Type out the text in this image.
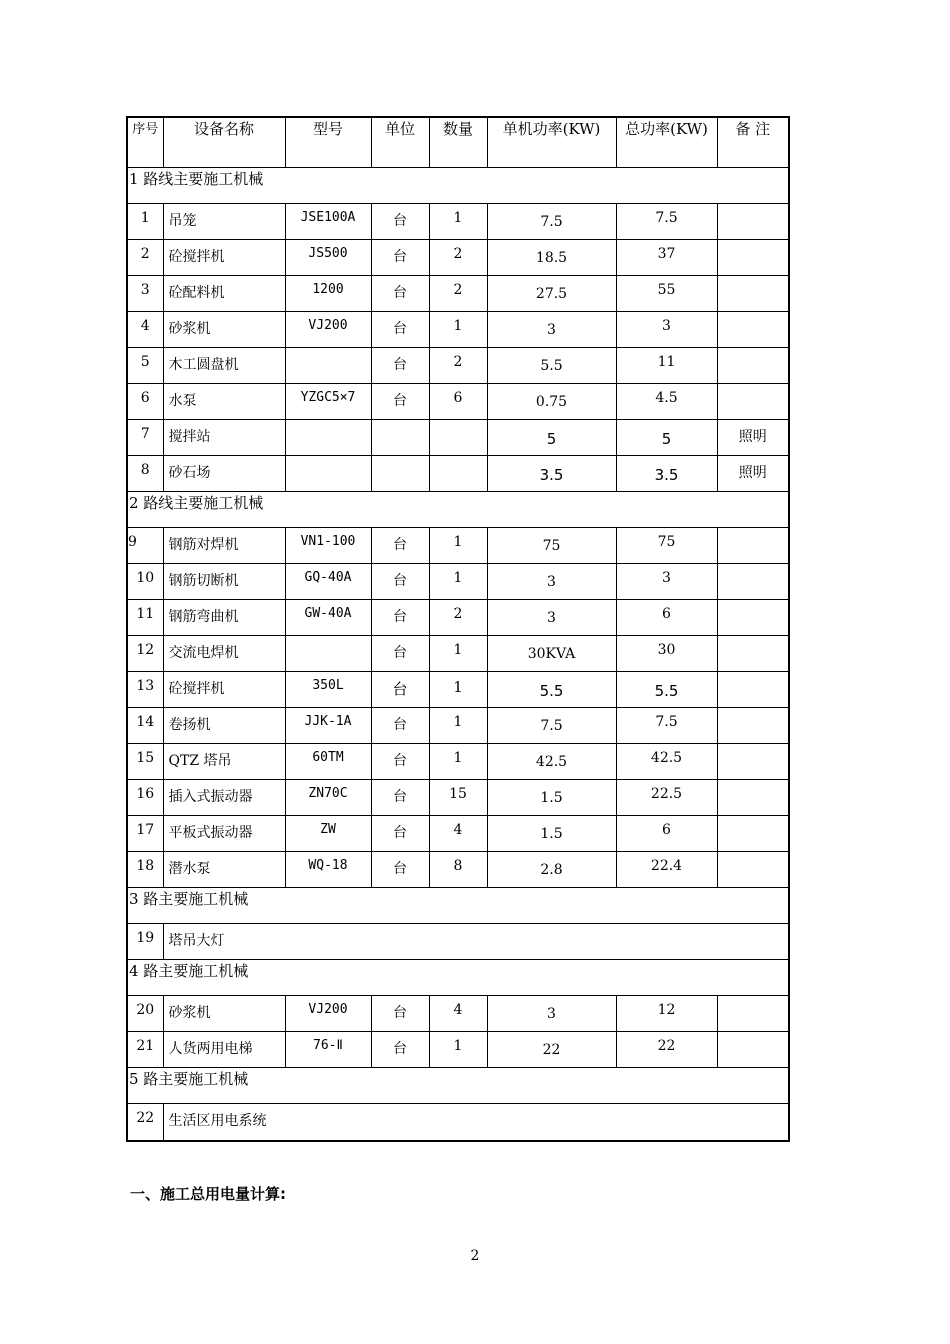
序号	设备名称	型号	单位	数量	单机功率(KW)	总功率(KW)	备 注
1 路线主要施工机械							

1	吊笼	JSE100A	台	1	7.5	7.5	

2	砼搅拌机	JS500	台	2	18.5	37	

3	砼配料机	1200	台	2	27.5	55	

4	砂浆机	VJ200	台	1	3	3	

5	木工圆盘机		台	2	5.5	11	

6	水泵	YZGC5×7	台	6	0.75	4.5	

7	搅拌站				5	5	照明

8	砂石场				3.5	3.5	照明

2 路线主要施工机械							

9	钢筋对焊机	VN1-100	台	1	75	75	

10	钢筋切断机	GQ-40A	台	1	3	3	

11	钢筋弯曲机	GW-40A	台	2	3	6	

12	交流电焊机		台	1	30KVA	30	

13	砼搅拌机	350L	台	1	5.5	5.5	

14	卷扬机	JJK-1A	台	1	7.5	7.5	

15	QTZ 塔吊	60TM	台	1	42.5	42.5	

16	插入式振动器	ZN70C	台	15	1.5	22.5	

17	平板式振动器	ZW	台	4	1.5	6	

18	潜水泵	WQ-18	台	8	2.8	22.4	

3 路主要施工机械							

19	塔吊大灯						

4 路主要施工机械							

20	砂浆机	VJ200	台	4	3	12	

21	人货两用电梯	76-Ⅱ	台	1	22	22	

5 路主要施工机械							

22	生活区用电系统						
一、施工总用电量计算:
2
